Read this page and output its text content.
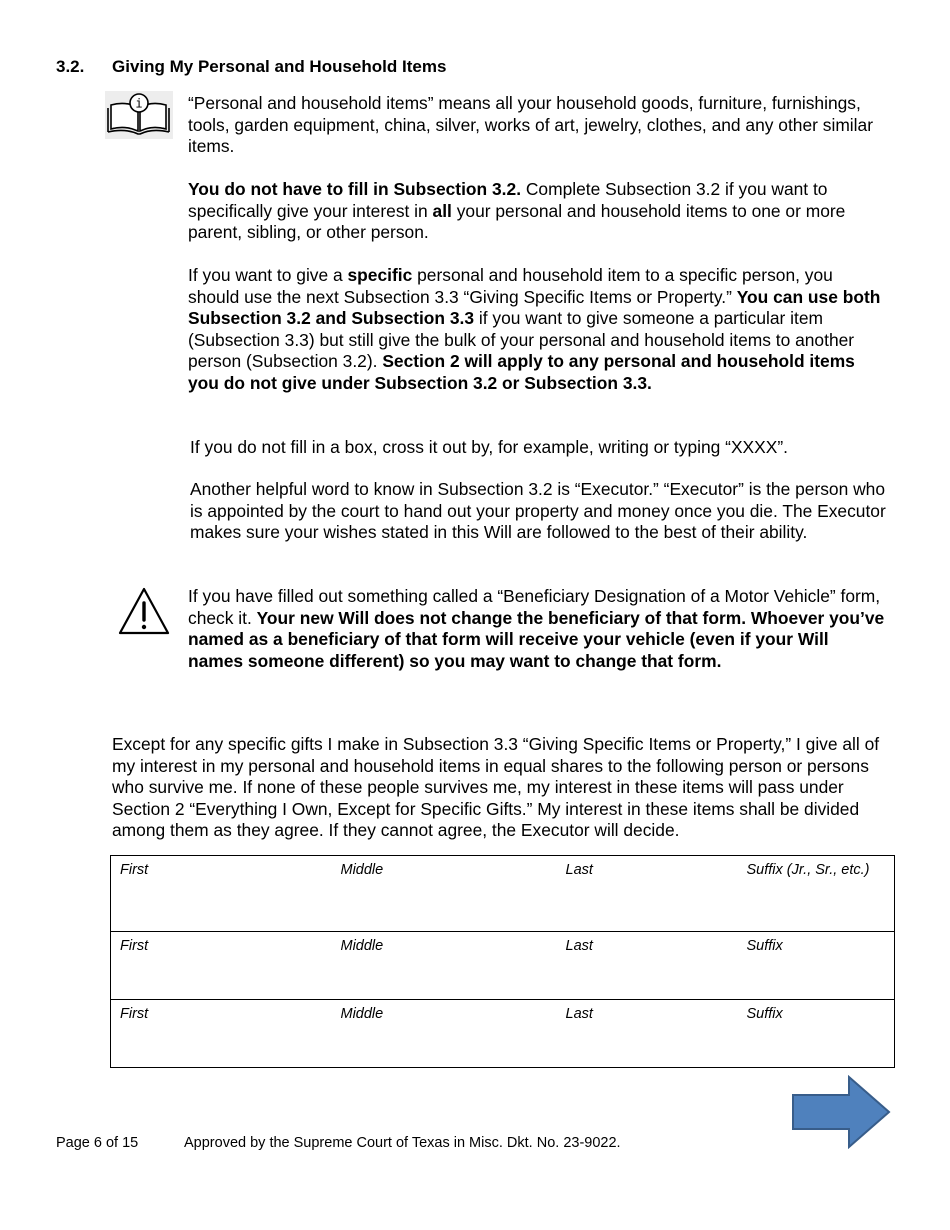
3.2. Giving My Personal and Household Items
i	“Personal and household items” means all your household goods, furniture, furnishings, tools, garden equipment, china, silver, works of art, jewelry, clothes, and any other similar items.
You do not have to fill in Subsection 3.2. Complete Subsection 3.2 if you want to specifically give your interest in all your personal and household items to one or more parent, sibling, or other person.
If you want to give a specific personal and household item to a specific person, you should use the next Subsection 3.3 “Giving Specific Items or Property.” You can use both Subsection 3.2 and Subsection 3.3 if you want to give someone a particular item (Subsection 3.3) but still give the bulk of your personal and household items to another person (Subsection 3.2). Section 2 will apply to any personal and household items you do not give under Subsection 3.2 or Subsection 3.3.
If you do not fill in a box, cross it out by, for example, writing or typing “XXXX”.
Another helpful word to know in Subsection 3.2 is “Executor.” “Executor” is the person who is appointed by the court to hand out your property and money once you die. The Executor makes sure your wishes stated in this Will are followed to the best of their ability.
If you have filled out something called a “Beneficiary Designation of a Motor Vehicle” form, check it. Your new Will does not change the beneficiary of that form. Whoever you’ve named as a beneficiary of that form will receive your vehicle (even if your Will names someone different) so you may want to change that form.
Except for any specific gifts I make in Subsection 3.3 “Giving Specific Items or Property,” I give all of my interest in my personal and household items in equal shares to the following person or persons who survive me. If none of these people survives me, my interest in these items will pass under Section 2 “Everything I Own, Except for Specific Gifts.” My interest in these items shall be divided among them as they agree. If they cannot agree, the Executor will decide.
First	Middle	Last	Suffix (Jr., Sr., etc.)
First	Middle	Last	Suffix
First	Middle	Last	Suffix
Page 6 of 15	Approved by the Supreme Court of Texas in Misc. Dkt. No. 23-9022.
